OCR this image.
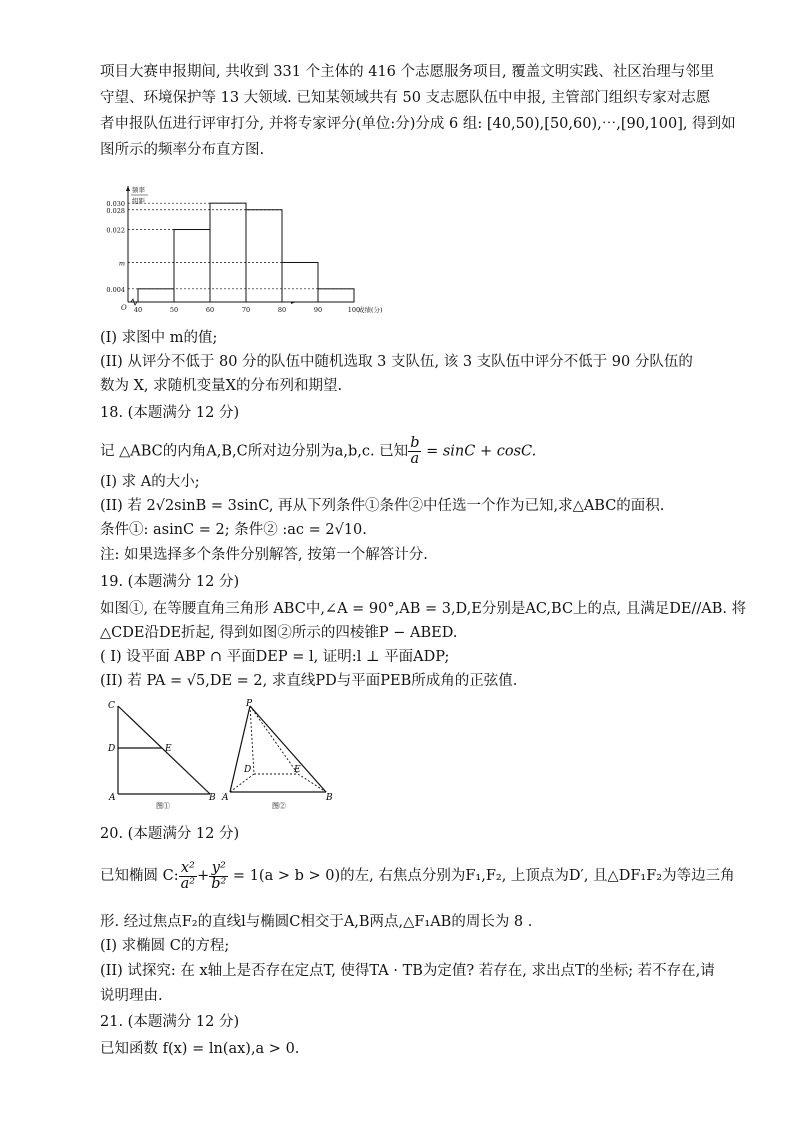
项目大赛申报期间, 共收到 331 个主体的 416 个志愿服务项目, 覆盖文明实践、社区治理与邻里
守望、环境保护等 13 大领域. 已知某领域共有 50 支志愿队伍中申报, 主管部门组织专家对志愿
者申报队伍进行评审打分, 并将专家评分(单位:分)分成 6 组: [40,50),[50,60),⋯,[90,100], 得到如
图所示的频率分布直方图.
0.004
m
0.022
0.028
0.030
40	50	60	70	80	90	100
O
频率
组距
成绩(分)
(I) 求图中 m的值;
(II) 从评分不低于 80 分的队伍中随机选取 3 支队伍, 该 3 支队伍中评分不低于 90 分队伍的
数为 X, 求随机变量X的分布列和期望.
18. (本题满分 12 分)
记 △ABC的内角A,B,C所对边分别为a,b,c. 已知 $\frac{b}{a} = \sin C + \cos C$.
(I) 求 A的大小;
(II) 若 2√2sinB = 3sinC, 再从下列条件①条件②中任选一个作为已知,求△ABC的面积.
条件①: asinC = 2; 条件② :ac = 2√10.
注: 如果选择多个条件分别解答, 按第一个解答计分.
19. (本题满分 12 分)
如图①, 在等腰直角三角形 ABC中,∠A = 90°,AB = 3,D,E分别是AC,BC上的点, 且满足DE//AB. 将
△CDE沿DE折起, 得到如图②所示的四棱锥P − ABED.
( I) 设平面 ABP ∩ 平面DEP = l, 证明:l ⊥ 平面ADP;
(II) 若 PA = √5,DE = 2, 求直线PD与平面PEB所成角的正弦值.
C
D	E
A	B
图①
P
D	E
A	B
图②
20. (本题满分 12 分)
已知椭圆 C: $\frac{\text{x²}}{\text{a²}} + \frac{\text{y²}}{\text{b²}} = 1(a > b > 0)$的左, 右焦点分别为F₁,F₂, 上顶点为D′, 且△DF₁F₂为等边三角
形. 经过焦点F₂的直线l与椭圆C相交于A,B两点,△F₁AB的周长为 8 .
(I) 求椭圆 C的方程;
(II) 试探究: 在 x轴上是否存在定点T, 使得TA · TB为定值? 若存在, 求出点T的坐标; 若不存在,请
说明理由.
21. (本题满分 12 分)
已知函数 f(x) = ln(ax),a > 0.
